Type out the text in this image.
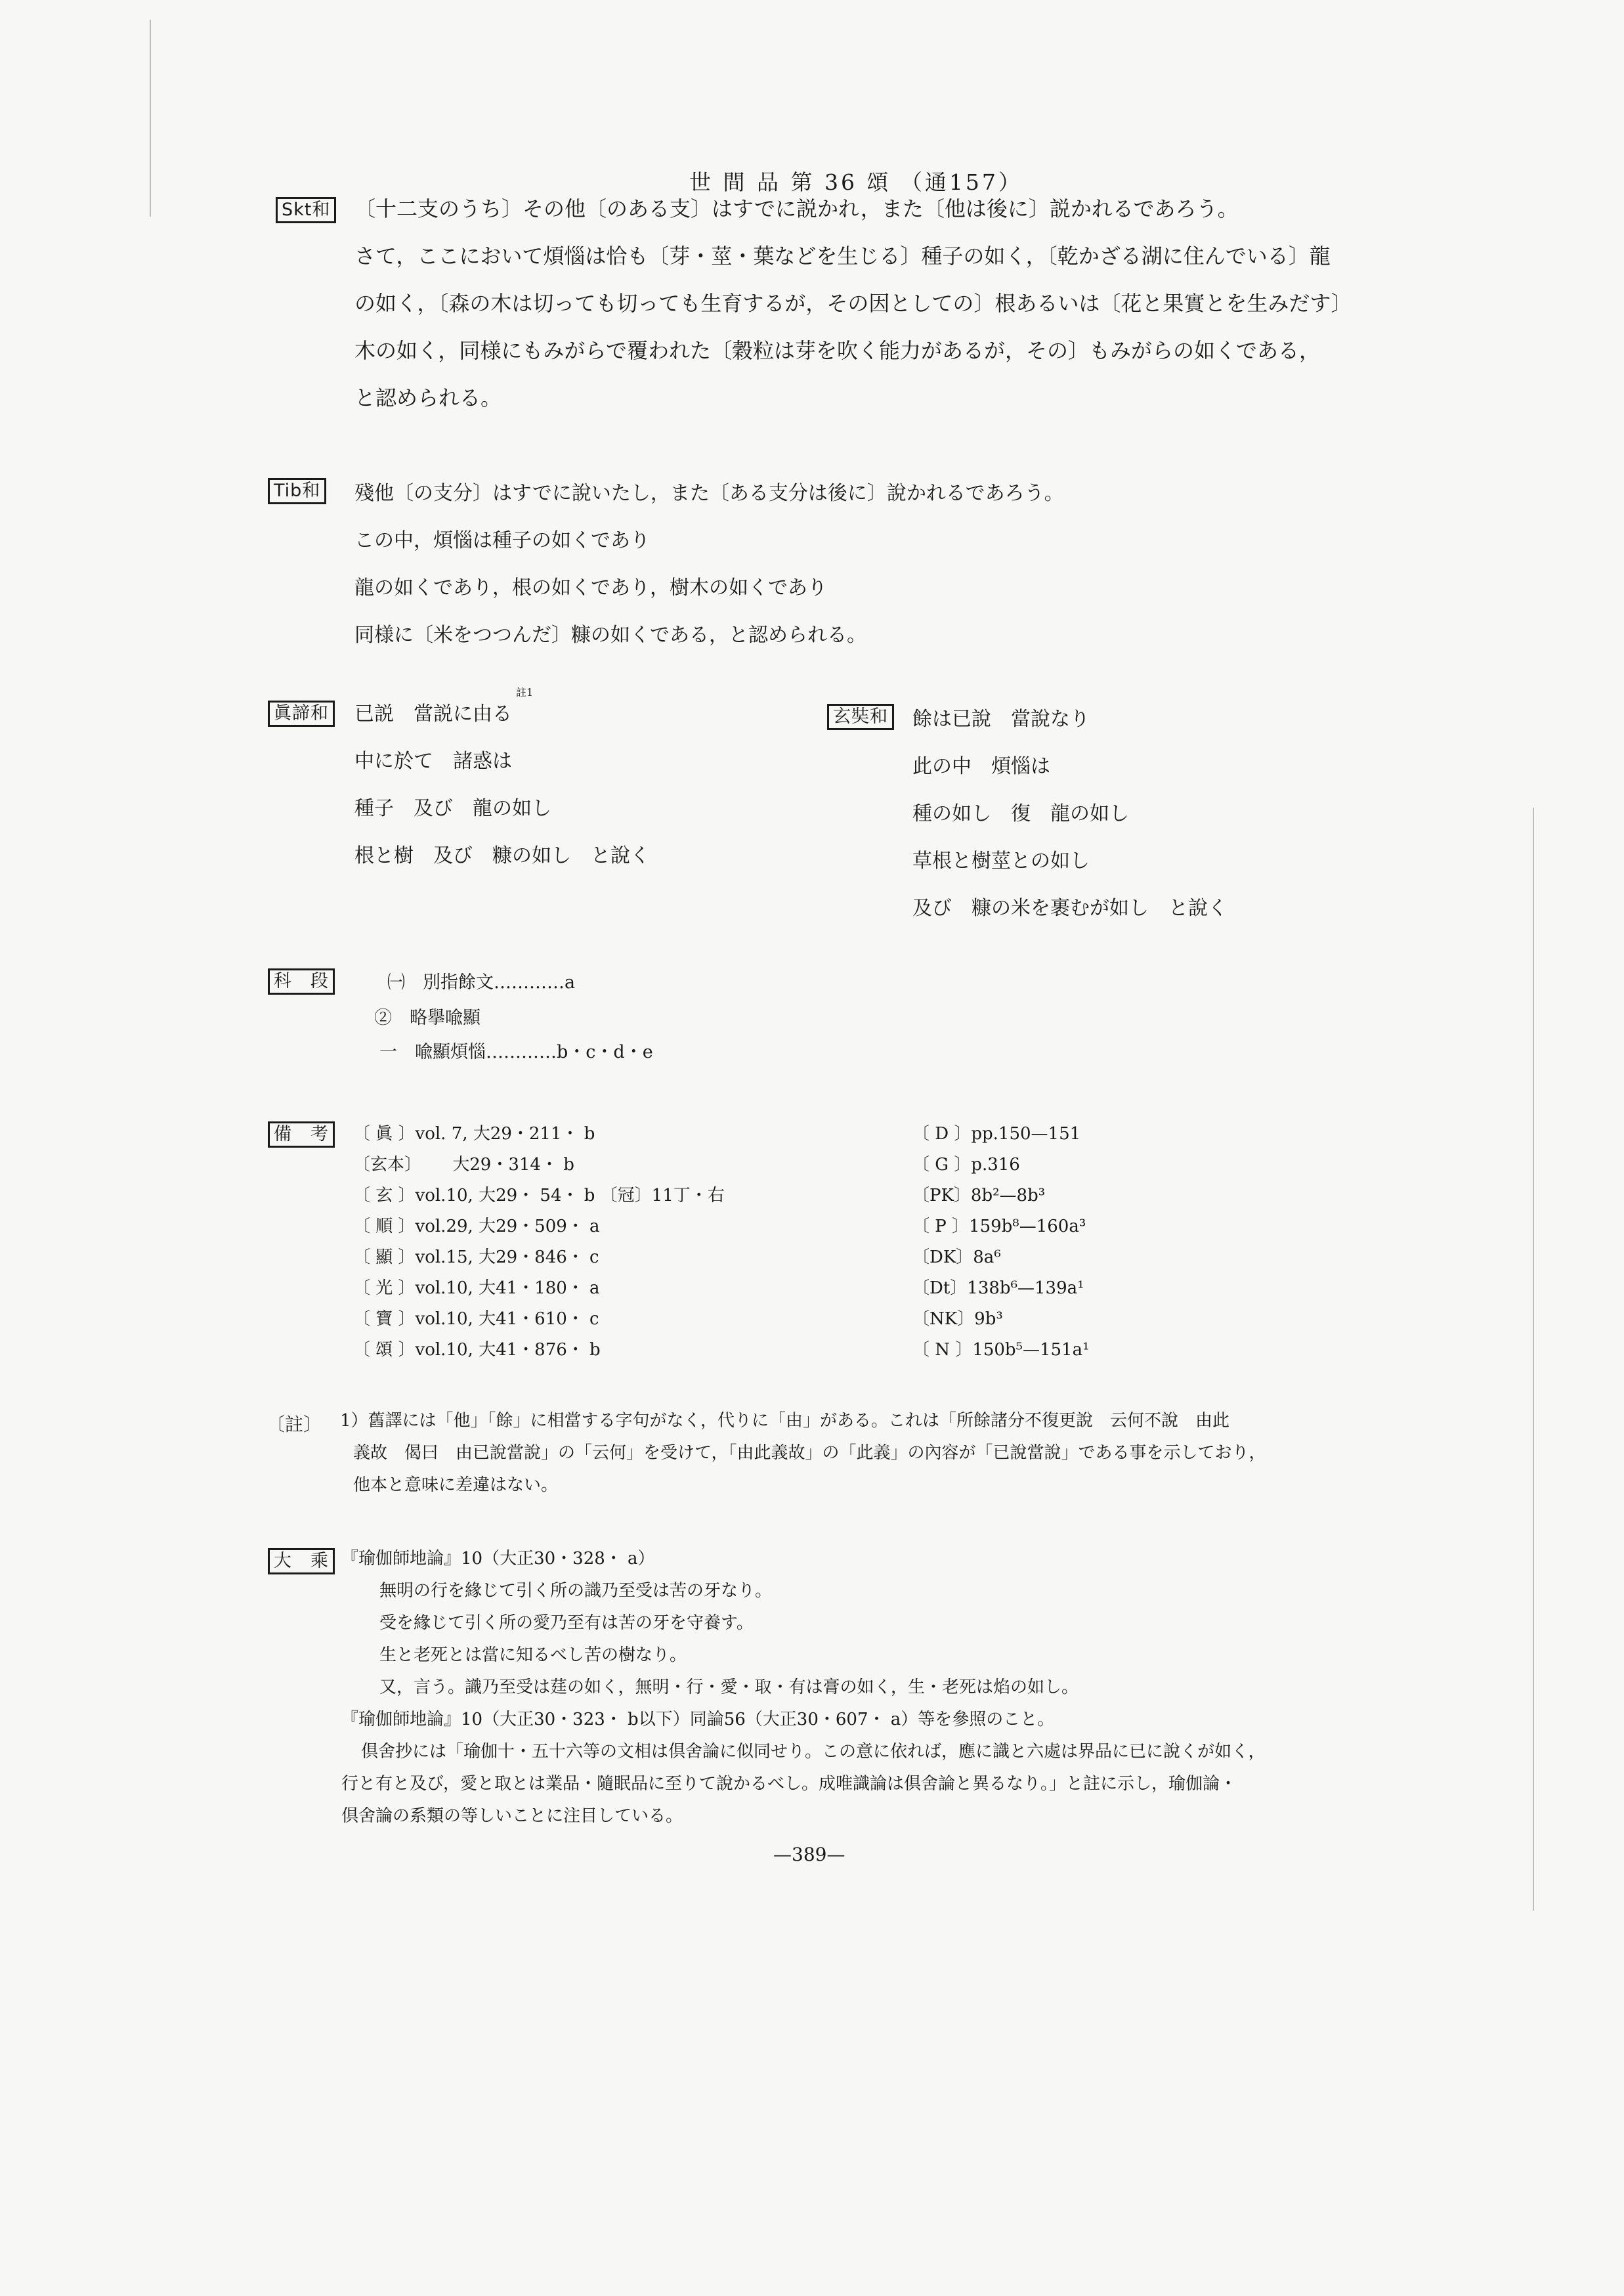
世 間 品 第 36 頌 （通157）
Skt和	〔十二支のうち〕その他〔のある支〕はすでに説かれ，また〔他は後に〕説かれるであろう。
さて，ここにおいて煩惱は恰も〔芽・莖・葉などを生じる〕種子の如く，〔乾かざる湖に住んでいる〕龍
の如く，〔森の木は切っても切っても生育するが，その因としての〕根あるいは〔花と果實とを生みだす〕
木の如く，同様にもみがらで覆われた〔穀粒は芽を吹く能力があるが，その〕もみがらの如くである，
と認められる。
Tib和	殘他〔の支分〕はすでに說いたし，また〔ある支分は後に〕說かれるであろう。
この中，煩惱は種子の如くであり
龍の如くであり，根の如くであり，樹木の如くであり
同様に〔米をつつんだ〕糠の如くである，と認められる。
眞諦和
註1
已説　當説に由る
中に於て　諸惑は
種子　及び　龍の如し
根と樹　及び　糠の如し　と說く
玄奘和	餘は已說　當說なり
此の中　煩惱は
種の如し　復　龍の如し
草根と樹莖との如し
及び　糠の米を裹むが如し　と說く
科　段	㈠　別指餘文…………a
②　略擧喩顯
一　喩顯煩惱…………b・c・d・e
備　考	〔 眞 〕vol. 7, 大29・211・ b
〔玄本〕　　 大29・314・ b
〔 玄 〕vol.10, 大29・ 54・ b 〔冠〕11丁・右
〔 順 〕vol.29, 大29・509・ a
〔 顯 〕vol.15, 大29・846・ c
〔 光 〕vol.10, 大41・180・ a
〔 寶 〕vol.10, 大41・610・ c
〔 頌 〕vol.10, 大41・876・ b
〔 D 〕pp.150—151
〔 G 〕p.316
〔PK〕8b²—8b³
〔 P 〕159b⁸—160a³
〔DK〕8a⁶
〔Dt〕138b⁶—139a¹
〔NK〕9b³
〔 N 〕150b⁵—151a¹
〔註〕 1）舊譯には「他」「餘」に相當する字句がなく，代りに「由」がある。これは「所餘諸分不復更說　云何不說　由此
義故　偈曰　由已說當說」の「云何」を受けて，「由此義故」の「此義」の內容が「已說當說」である事を示しており，
他本と意味に差違はない。
大　乘 『瑜伽師地論』10（大正30・328・ a）
無明の行を緣じて引く所の識乃至受は苦の牙なり。
受を緣じて引く所の愛乃至有は苦の牙を守養す。
生と老死とは當に知るべし苦の樹なり。
又，言う。識乃至受は莛の如く，無明・行・愛・取・有は膏の如く，生・老死は焰の如し。
『瑜伽師地論』10（大正30・323・ b以下）同論56（大正30・607・ a）等を參照のこと。
倶舍抄には「瑜伽十・五十六等の文相は倶舍論に似同せり。この意に依れば，應に識と六處は界品に已に說くが如く，
行と有と及び，愛と取とは業品・隨眠品に至りて說かるべし。成唯識論は倶舍論と異るなり。」と註に示し，瑜伽論・
倶舍論の系類の等しいことに注目している。
—389—
